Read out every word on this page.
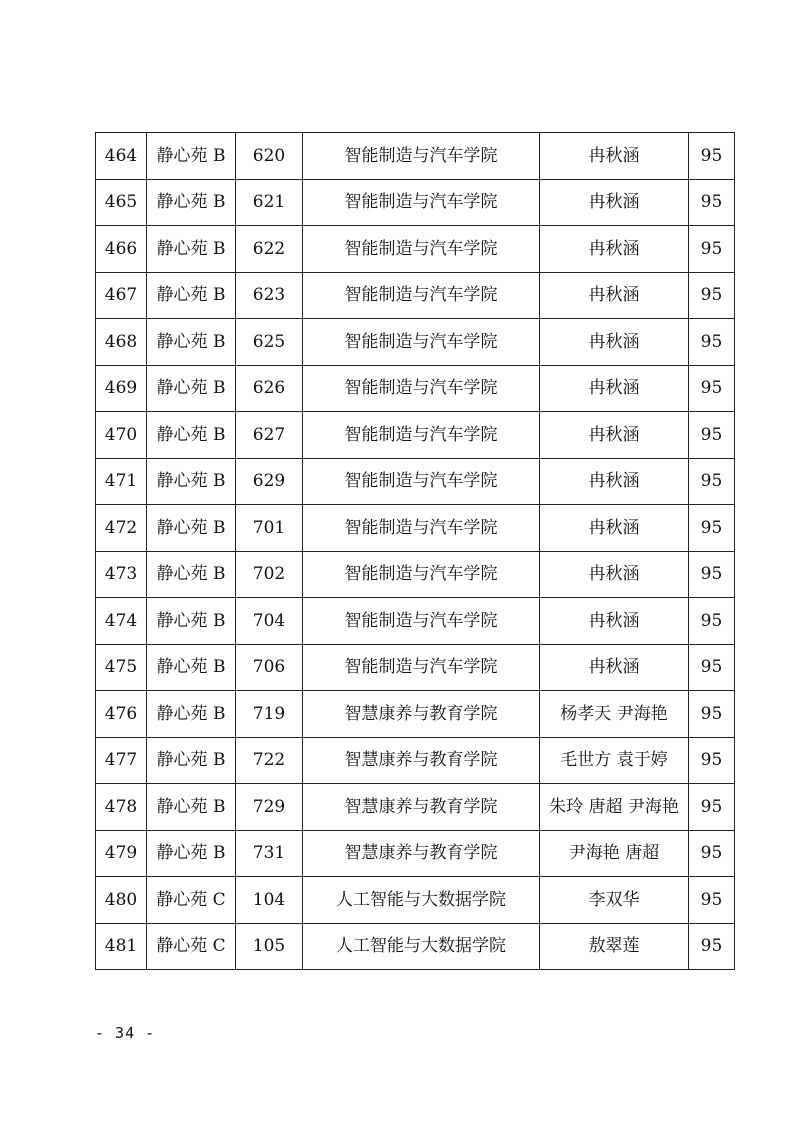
464	静心苑 B	620	智能制造与汽车学院	冉秋涵	95
465	静心苑 B	621	智能制造与汽车学院	冉秋涵	95
466	静心苑 B	622	智能制造与汽车学院	冉秋涵	95
467	静心苑 B	623	智能制造与汽车学院	冉秋涵	95
468	静心苑 B	625	智能制造与汽车学院	冉秋涵	95
469	静心苑 B	626	智能制造与汽车学院	冉秋涵	95
470	静心苑 B	627	智能制造与汽车学院	冉秋涵	95
471	静心苑 B	629	智能制造与汽车学院	冉秋涵	95
472	静心苑 B	701	智能制造与汽车学院	冉秋涵	95
473	静心苑 B	702	智能制造与汽车学院	冉秋涵	95
474	静心苑 B	704	智能制造与汽车学院	冉秋涵	95
475	静心苑 B	706	智能制造与汽车学院	冉秋涵	95
476	静心苑 B	719	智慧康养与教育学院	杨孝天 尹海艳	95
477	静心苑 B	722	智慧康养与教育学院	毛世方 袁于婷	95
478	静心苑 B	729	智慧康养与教育学院	朱玲 唐超 尹海艳	95
479	静心苑 B	731	智慧康养与教育学院	尹海艳 唐超	95
480	静心苑 C	104	人工智能与大数据学院	李双华	95
481	静心苑 C	105	人工智能与大数据学院	敖翠莲	95
- 34 -
